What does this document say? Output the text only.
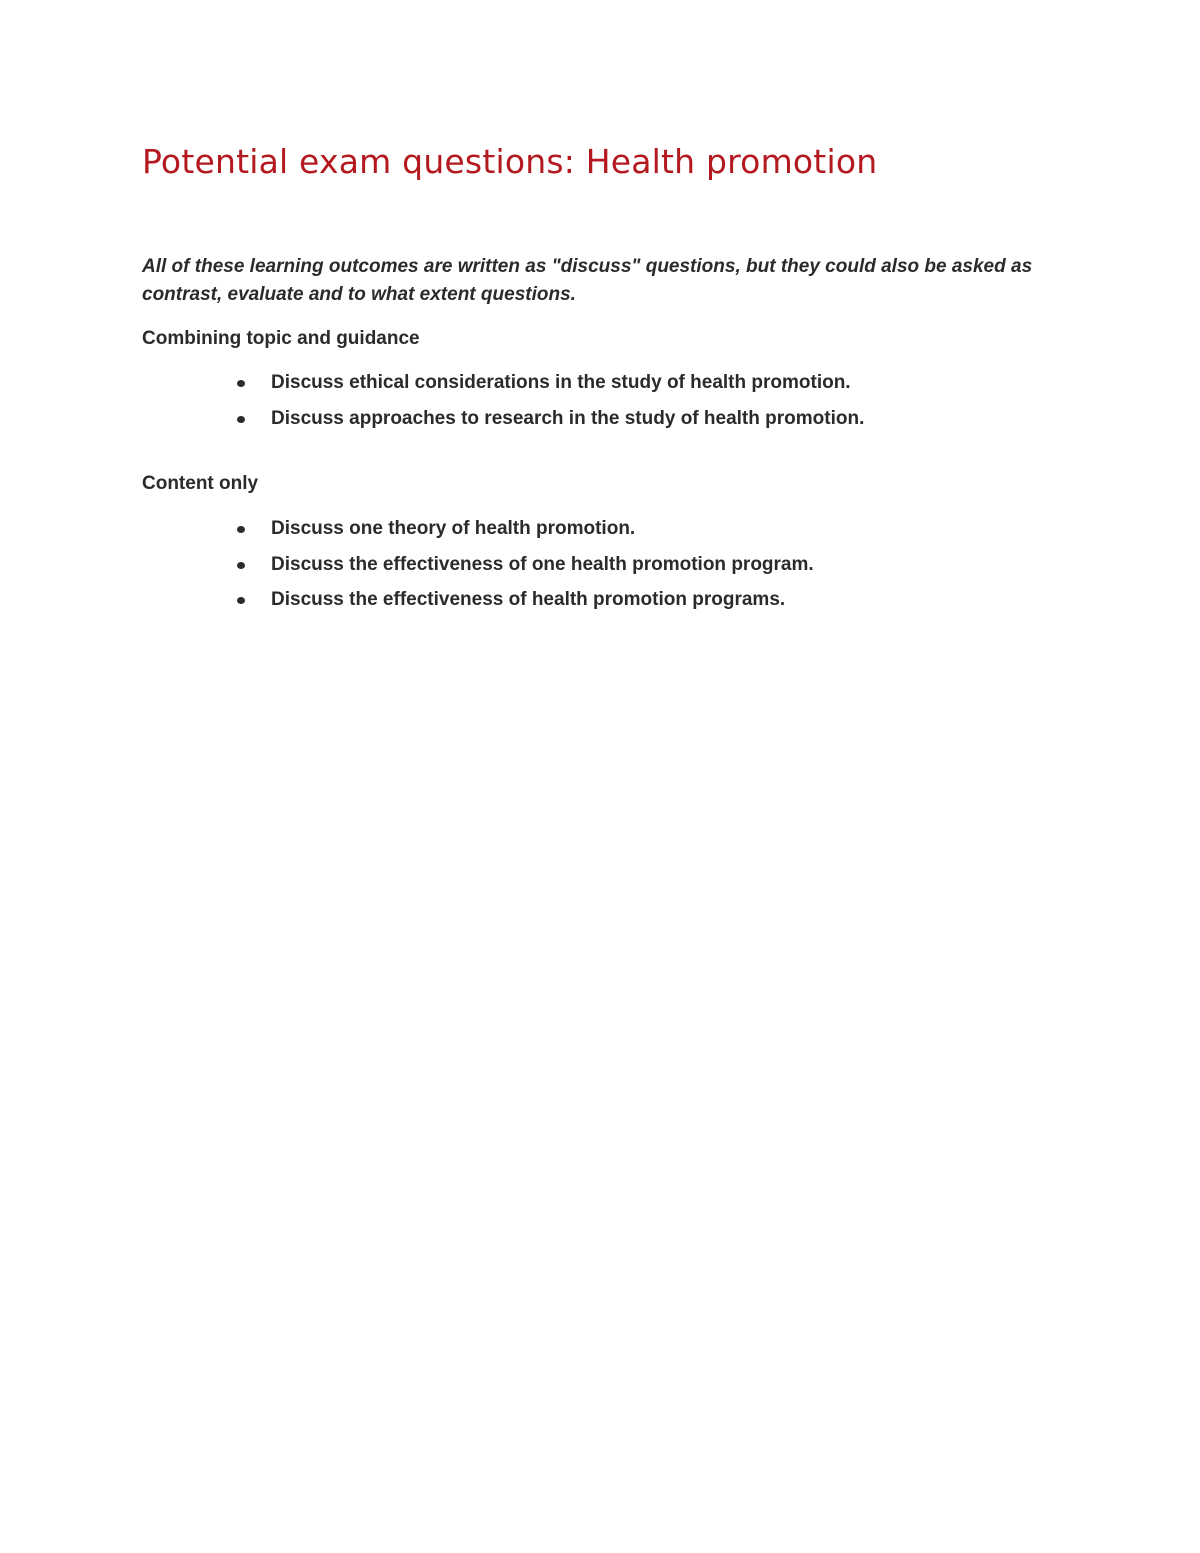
Potential exam questions: Health promotion

All of these learning outcomes are written as "discuss" questions, but they could also be asked as contrast, evaluate and to what extent questions.

Combining topic and guidance
Discuss ethical considerations in the study of health promotion.
Discuss approaches to research in the study of health promotion.
Content only
Discuss one theory of health promotion.
Discuss the effectiveness of one health promotion program.
Discuss the effectiveness of health promotion programs.
